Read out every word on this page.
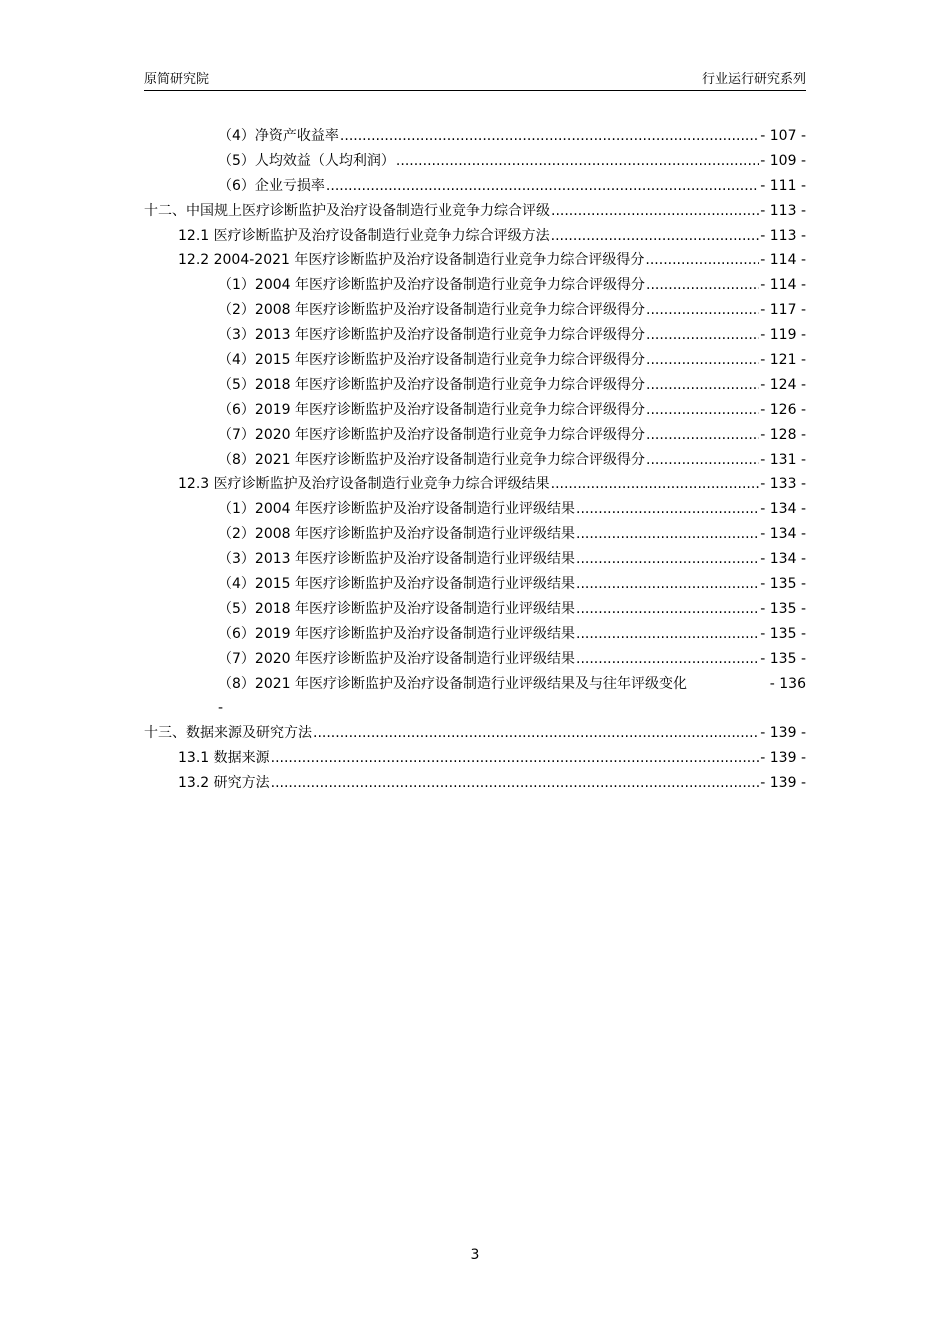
原简研究院	行业运行研究系列
（4）净资产收益率 .....	- 107 -
（5）人均效益（人均利润） .....	- 109 -
（6）企业亏损率 .....	- 111 -
十二、中国规上医疗诊断监护及治疗设备制造行业竞争力综合评级 .....	- 113 -
12.1 医疗诊断监护及治疗设备制造行业竞争力综合评级方法 .....	- 113 -
12.2 2004-2021 年医疗诊断监护及治疗设备制造行业竞争力综合评级得分 .....	- 114 -
（1）2004 年医疗诊断监护及治疗设备制造行业竞争力综合评级得分 .....	- 114 -
（2）2008 年医疗诊断监护及治疗设备制造行业竞争力综合评级得分 .....	- 117 -
（3）2013 年医疗诊断监护及治疗设备制造行业竞争力综合评级得分 .....	- 119 -
（4）2015 年医疗诊断监护及治疗设备制造行业竞争力综合评级得分 .....	- 121 -
（5）2018 年医疗诊断监护及治疗设备制造行业竞争力综合评级得分 .....	- 124 -
（6）2019 年医疗诊断监护及治疗设备制造行业竞争力综合评级得分 .....	- 126 -
（7）2020 年医疗诊断监护及治疗设备制造行业竞争力综合评级得分 .....	- 128 -
（8）2021 年医疗诊断监护及治疗设备制造行业竞争力综合评级得分 .....	- 131 -
12.3 医疗诊断监护及治疗设备制造行业竞争力综合评级结果 .....	- 133 -
（1）2004 年医疗诊断监护及治疗设备制造行业评级结果 .....	- 134 -
（2）2008 年医疗诊断监护及治疗设备制造行业评级结果 .....	- 134 -
（3）2013 年医疗诊断监护及治疗设备制造行业评级结果 .....	- 134 -
（4）2015 年医疗诊断监护及治疗设备制造行业评级结果 .....	- 135 -
（5）2018 年医疗诊断监护及治疗设备制造行业评级结果 .....	- 135 -
（6）2019 年医疗诊断监护及治疗设备制造行业评级结果 .....	- 135 -
（7）2020 年医疗诊断监护及治疗设备制造行业评级结果 .....	- 135 -
（8）2021 年医疗诊断监护及治疗设备制造行业评级结果及与往年评级变化	- 136
-
十三、数据来源及研究方法 .....	- 139 -
13.1 数据来源 .....	- 139 -
13.2 研究方法 .....	- 139 -
3
